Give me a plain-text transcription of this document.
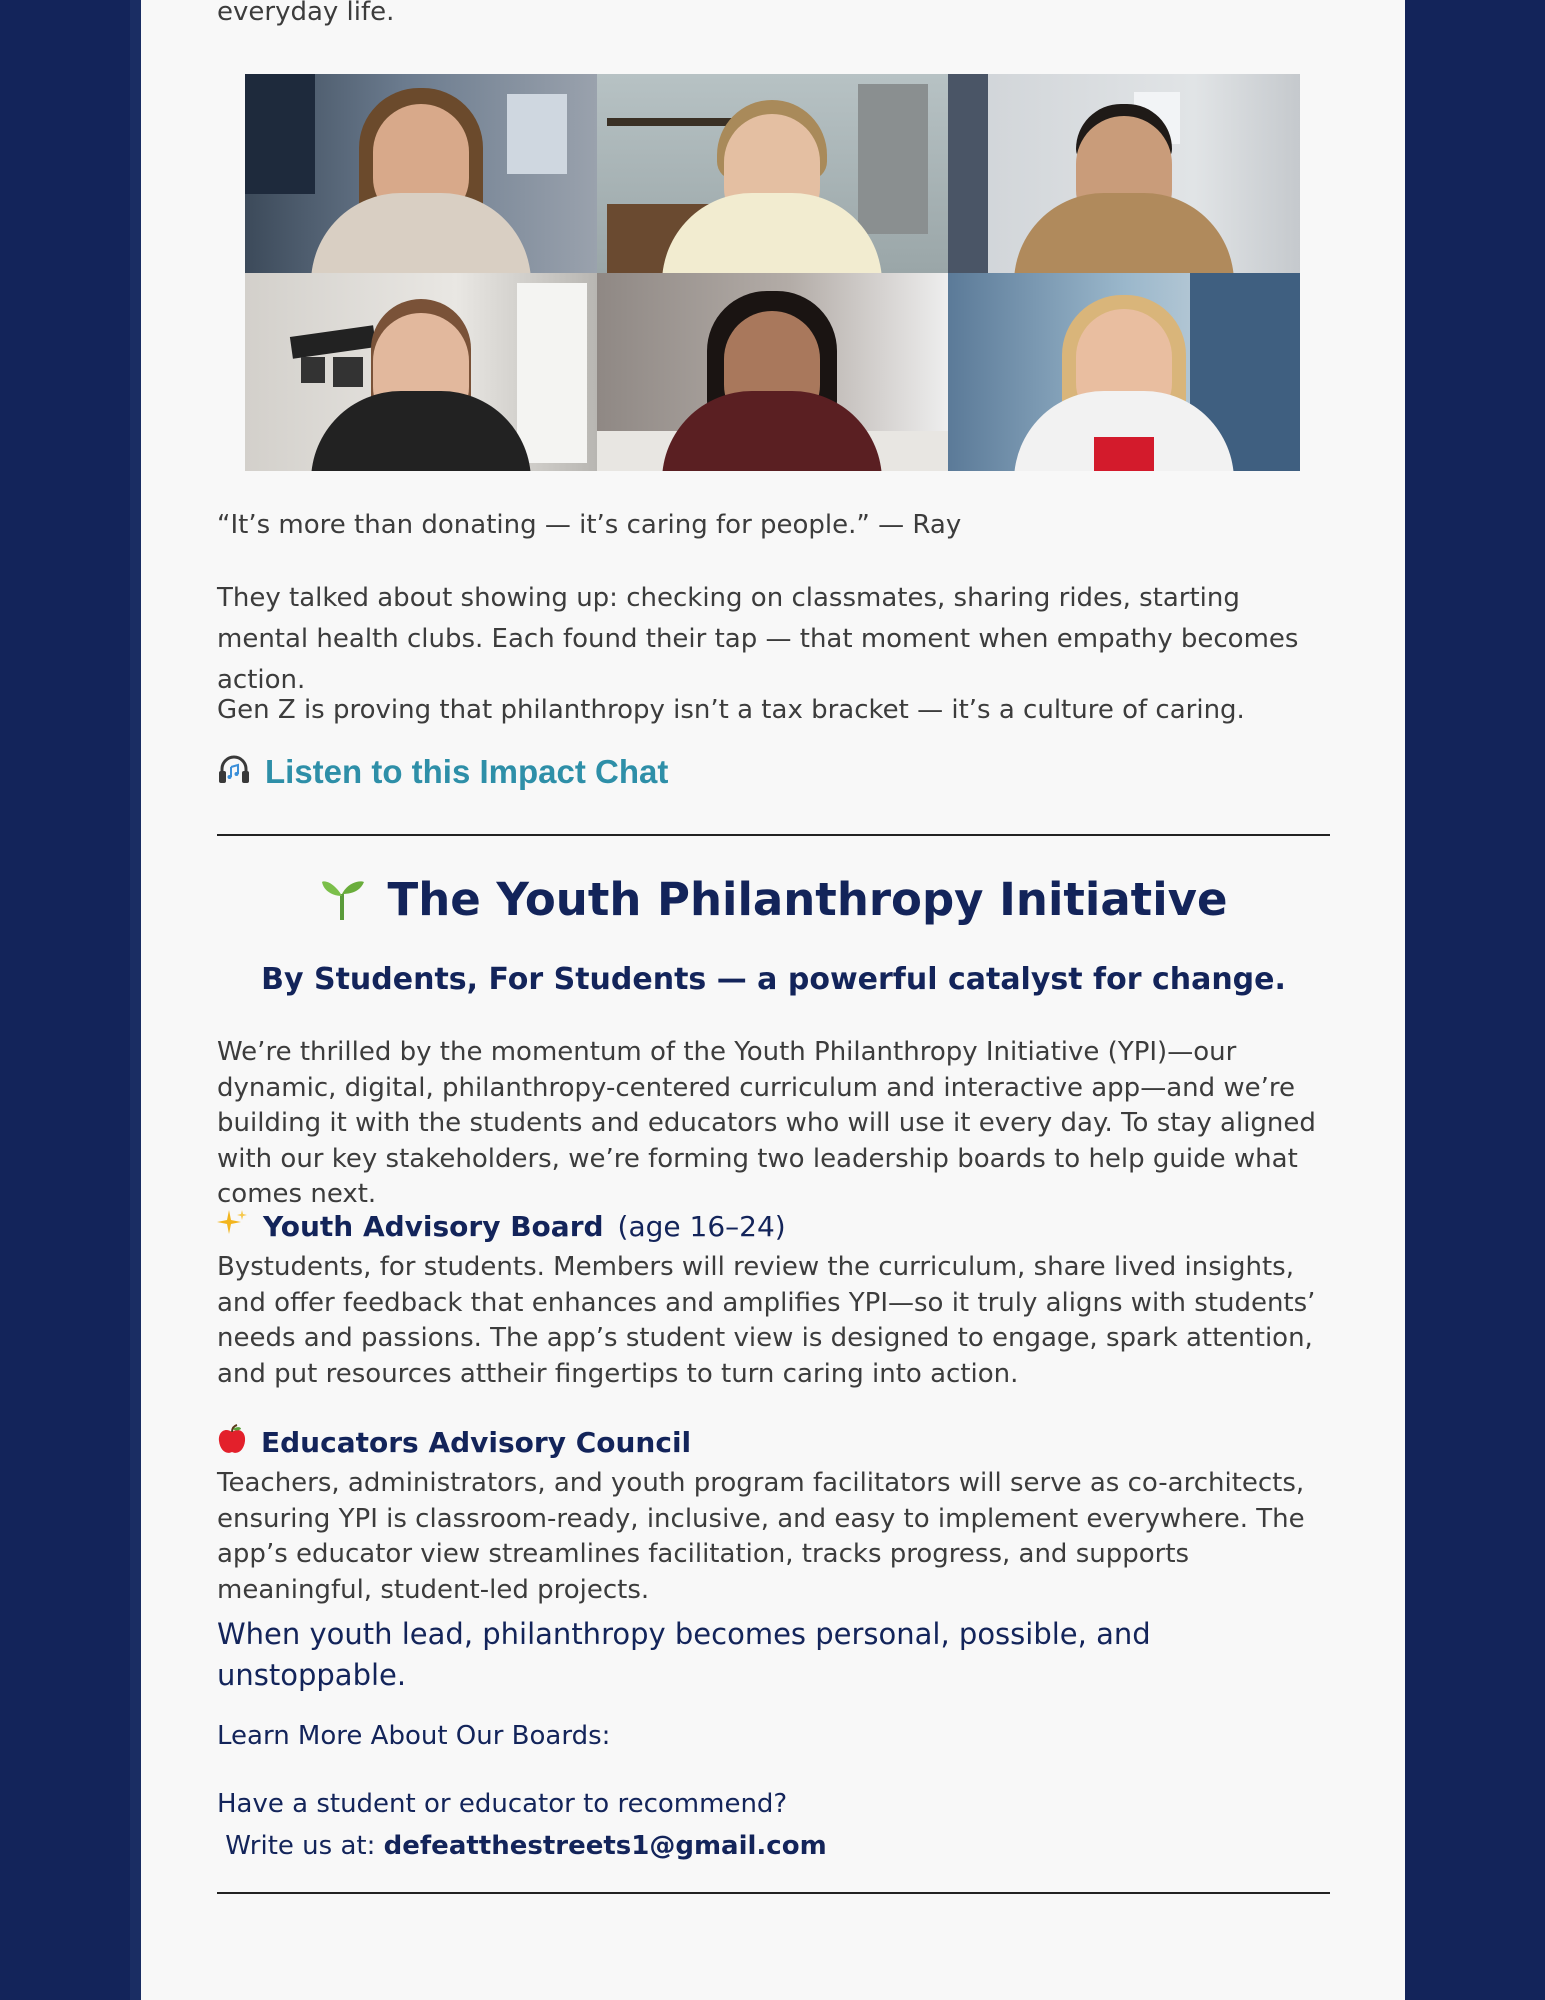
everyday life.

“It’s more than donating — it’s caring for people.” — Ray

They talked about showing up: checking on classmates, sharing rides, starting mental health clubs. Each found their tap — that moment when empathy becomes action.

Gen Z is proving that philanthropy isn’t a tax bracket — it’s a culture of caring.

Listen to this Impact Chat
The Youth Philanthropy Initiative
By Students, For Students — a powerful catalyst for change.

We’re thrilled by the momentum of the Youth Philanthropy Initiative (YPI)—our dynamic, digital, philanthropy-centered curriculum and interactive app—and we’re building it with the students and educators who will use it every day. To stay aligned with our key stakeholders, we’re forming two leadership boards to help guide what comes next.

Youth Advisory Board (age 16–24)

Bystudents, for students. Members will review the curriculum, share lived insights, and offer feedback that enhances and amplifies YPI—so it truly aligns with students’ needs and passions. The app’s student view is designed to engage, spark attention, and put resources attheir fingertips to turn caring into action.

Educators Advisory Council

Teachers, administrators, and youth program facilitators will serve as co-architects, ensuring YPI is classroom-ready, inclusive, and easy to implement everywhere. The app’s educator view streamlines facilitation, tracks progress, and supports meaningful, student-led projects.

When youth lead, philanthropy becomes personal, possible, and unstoppable.

Learn More About Our Boards:

Have a student or educator to recommend?

Write us at: defeatthestreets1@gmail.com
